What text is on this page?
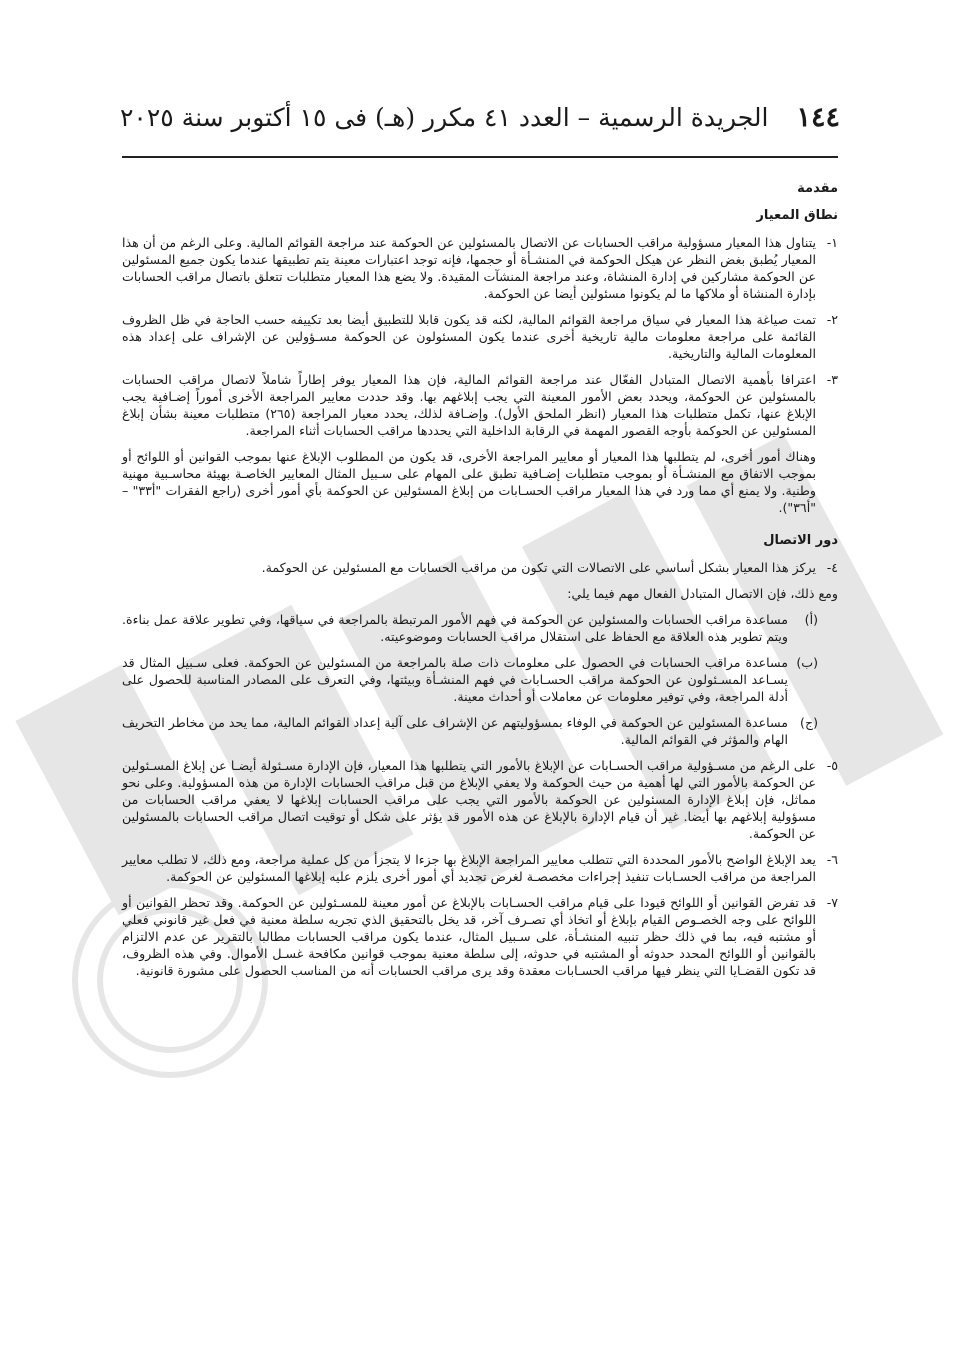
١٤٤
الجريدة الرسمية – العدد ٤١ مكرر (هـ) فى ١٥ أكتوبر سنة ٢٠٢٥
مقدمة
نطاق المعيار
١-
يتناول هذا المعيار مسؤولية مراقب الحسابات عن الاتصال بالمسئولين عن الحوكمة عند مراجعة القوائم المالية. وعلى الرغم من أن هذا المعيار يُطبق بغض النظر عن هيكل الحوكمة في المنشـأة أو حجمها، فإنه توجد اعتبارات معينة يتم تطبيقها عندما يكون جميع المسئولين عن الحوكمة مشاركين في إدارة المنشاة، وعند مراجعة المنشآت المقيدة. ولا يضع هذا المعيار متطلبات تتعلق باتصال مراقب الحسابات بإدارة المنشاة أو ملاكها ما لم يكونوا مسئولين أيضا عن الحوكمة.
٢-
تمت صياغة هذا المعيار في سياق مراجعة القوائم المالية، لكنه قد يكون قابلا للتطبيق أيضا بعد تكييفه حسب الحاجة في ظل الظروف القائمة على مراجعة معلومات مالية تاريخية أخرى عندما يكون المسئولون عن الحوكمة مسـؤولين عن الإشراف على إعداد هذه المعلومات المالية والتاريخية.
٣-
اعترافا بأهمية الاتصال المتبادل الفعّال عند مراجعة القوائم المالية، فإن هذا المعيار يوفر إطاراً شاملاً لاتصال مراقب الحسابات بالمسئولين عن الحوكمة، ويحدد بعض الأمور المعينة التي يجب إبلاغهم بها. وقد حددت معايير المراجعة الأخرى أموراً إضـافية يجب الإبلاغ عنها، تكمل متطلبات هذا المعيار (انظر الملحق الأول). وإضـافة لذلك، يحدد معيار المراجعة (٢٦٥) متطلبات معينة بشأن إبلاغ المسئولين عن الحوكمة بأوجه القصور المهمة في الرقابة الداخلية التي يحددها مراقب الحسابات أثناء المراجعة.
وهناك أمور أخرى، لم يتطلبها هذا المعيار أو معايير المراجعة الأخرى، قد يكون من المطلوب الإبلاغ عنها بموجب القوانين أو اللوائح أو بموجب الاتفاق مع المنشـأة أو بموجب متطلبات إضـافية تطبق على المهام على سـبيل المثال المعايير الخاصـة بهيئة محاسـبية مهنية وطنية. ولا يمنع أي مما ورد في هذا المعيار مراقب الحسـابات من إبلاغ المسئولين عن الحوكمة بأي أمور أخرى (راجع الفقرات "أ٣٣" – "أ٣٦").
دور الاتصال
٤-
يركز هذا المعيار بشكل أساسي على الاتصالات التي تكون من مراقب الحسابات مع المسئولين عن الحوكمة.
ومع ذلك، فإن الاتصال المتبادل الفعال مهم فيما يلي:
(أ)
مساعدة مراقب الحسابات والمسئولين عن الحوكمة في فهم الأمور المرتبطة بالمراجعة في سياقها، وفي تطوير علاقة عمل بناءة. ويتم تطوير هذه العلاقة مع الحفاظ على استقلال مراقب الحسابات وموضوعيته.
(ب)
مساعدة مراقب الحسابات في الحصول على معلومات ذات صلة بالمراجعة من المسئولين عن الحوكمة. فعلى سـبيل المثال قد يسـاعد المسـئولون عن الحوكمة مراقب الحسـابات في فهم المنشـأة وبيئتها، وفي التعرف على المصادر المناسبة للحصول على أدلة المراجعة، وفي توفير معلومات عن معاملات أو أحداث معينة.
(ج)
مساعدة المسئولين عن الحوكمة في الوفاء بمسؤوليتهم عن الإشراف على آلية إعداد القوائم المالية، مما يحد من مخاطر التحريف الهام والمؤثر في القوائم المالية.
٥-
على الرغم من مسـؤولية مراقب الحسـابات عن الإبلاغ بالأمور التي يتطلبها هذا المعيار، فإن الإدارة مسـئولة أيضـا عن إبلاغ المسـئولين عن الحوكمة بالأمور التي لها أهمية من حيث الحوكمة ولا يعفي الإبلاغ من قبل مراقب الحسابات الإدارة من هذه المسؤولية. وعلى نحو مماثل، فإن إبلاغ الإدارة المسئولين عن الحوكمة بالأمور التي يجب على مراقب الحسابات إبلاغها لا يعفي مراقب الحسابات من مسؤولية إبلاغهم بها أيضا. غير أن قيام الإدارة بالإبلاغ عن هذه الأمور قد يؤثر على شكل أو توقيت اتصال مراقب الحسابات بالمسئولين عن الحوكمة.
٦-
يعد الإبلاغ الواضح بالأمور المحددة التي تتطلب معايير المراجعة الإبلاغ بها جزءا لا يتجزأ من كل عملية مراجعة، ومع ذلك، لا تطلب معايير المراجعة من مراقب الحسـابات تنفيذ إجراءات مخصصـة لغرض تحديد أي أمور أخرى يلزم عليه إبلاغها المسئولين عن الحوكمة.
٧-
قد تفرض القوانين أو اللوائح قيودا على قيام مراقب الحسـابات بالإبلاغ عن أمور معينة للمسـئولين عن الحوكمة. وقد تحظر القوانين أو اللوائح على وجه الخصـوص القيام بإبلاغ أو اتخاذ أي تصـرف آخر، قد يخل بالتحقيق الذي تجريه سلطة معنية في فعل غير قانوني فعلي أو مشتبه فيه، بما في ذلك حظر تنبيه المنشـأة، على سـبيل المثال، عندما يكون مراقب الحسابات مطالبا بالتقرير عن عدم الالتزام بالقوانين أو اللوائح المحدد حدوثه أو المشتبه في حدوثه، إلى سلطة معنية بموجب قوانين مكافحة غسـل الأموال. وفي هذه الظروف، قد تكون القضـايا التي ينظر فيها مراقب الحسـابات معقدة وقد يرى مراقب الحسابات أنه من المناسب الحصول على مشورة قانونية.
